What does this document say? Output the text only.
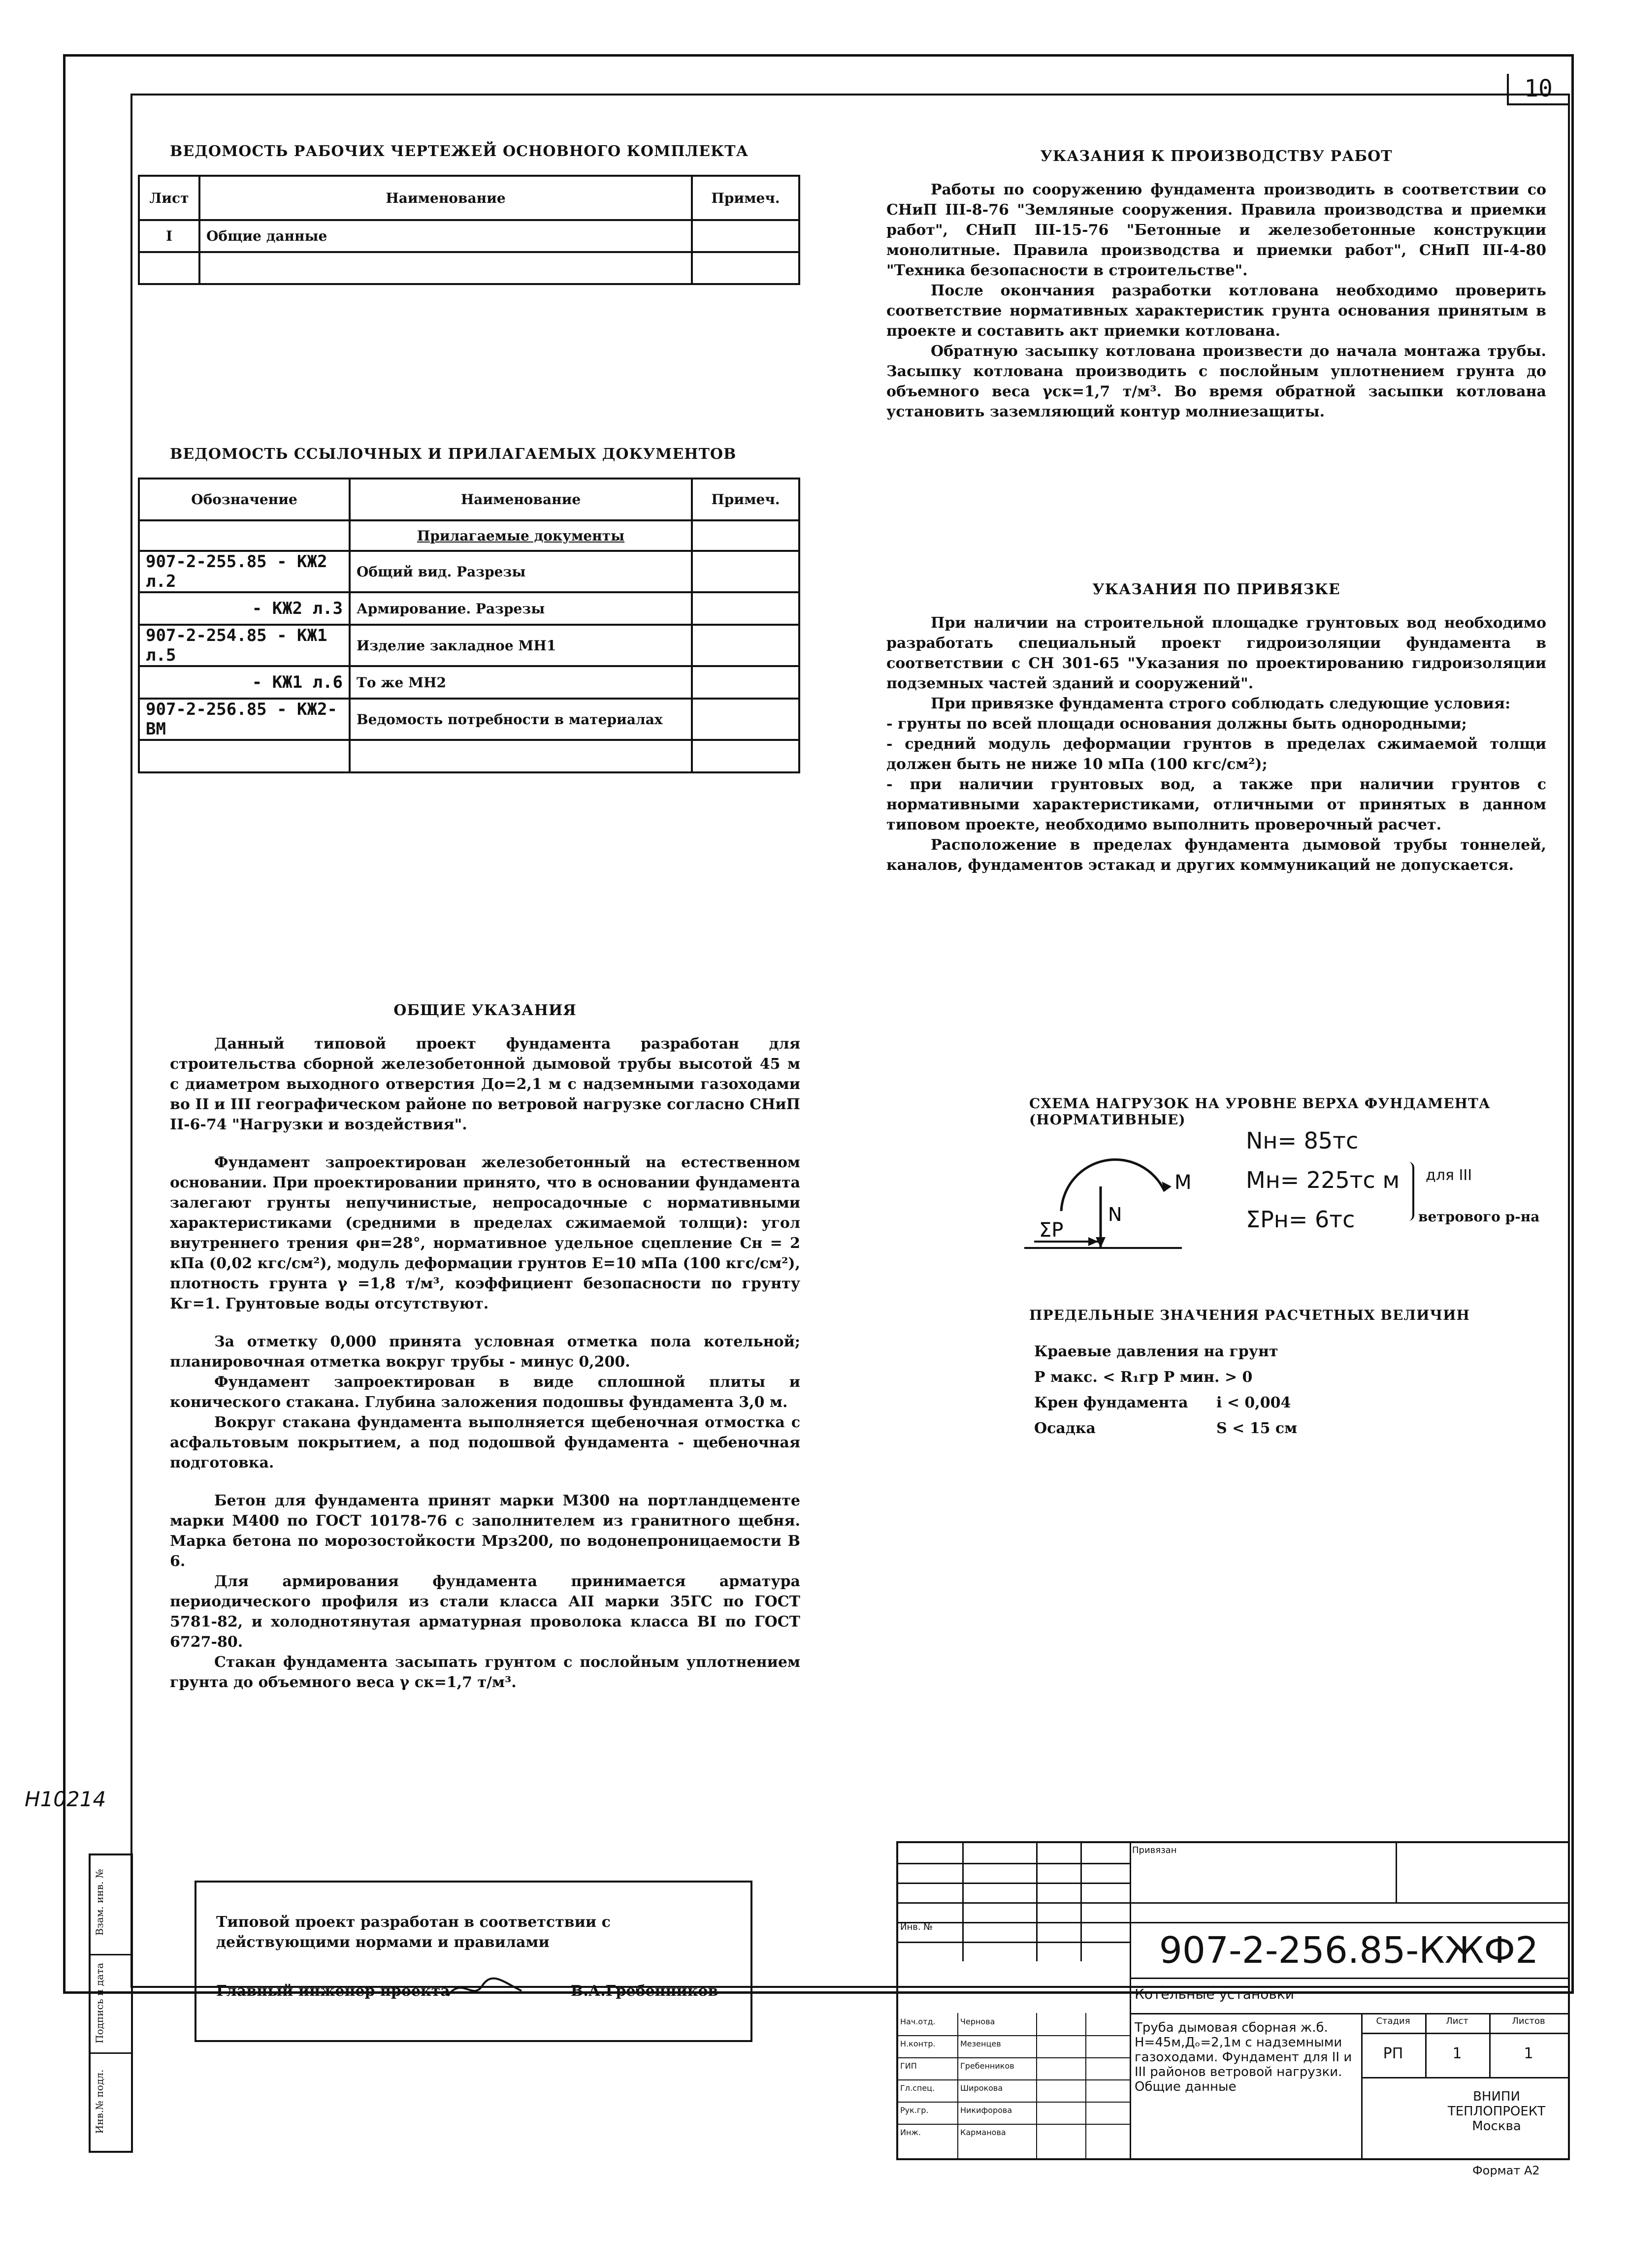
10
Н10214
Взам. инв. №
Подпись и дата
Инв.№ подл.
ВЕДОМОСТЬ РАБОЧИХ ЧЕРТЕЖЕЙ ОСНОВНОГО КОМПЛЕКТА
Лист	Наименование	Примеч.
I	Общие данные	

ВЕДОМОСТЬ ССЫЛОЧНЫХ И ПРИЛАГАЕМЫХ ДОКУМЕНТОВ
Обозначение	Наименование	Примеч.
	Прилагаемые документы	
907-2-255.85 - КЖ2 л.2	Общий вид. Разрезы	
- КЖ2 л.3	Армирование. Разрезы	
907-2-254.85 - КЖ1 л.5	Изделие закладное МН1	
- КЖ1 л.6	То же МН2	
907-2-256.85 - КЖ2-ВМ	Ведомость потребности в материалах	

УКАЗАНИЯ К ПРОИЗВОДСТВУ РАБОТ

Работы по сооружению фундамента производить в соответствии со СНиП III-8-76 "Земляные сооружения. Правила производства и приемки работ", СНиП III-15-76 "Бетонные и железобетонные конструкции монолитные. Правила производства и приемки работ", СНиП III-4-80 "Техника безопасности в строительстве".

После окончания разработки котлована необходимо проверить соответствие нормативных характеристик грунта основания принятым в проекте и составить акт приемки котлована.

Обратную засыпку котлована произвести до начала монтажа трубы. Засыпку котлована производить с послойным уплотнением грунта до объемного веса γск=1,7 т/м³. Во время обратной засыпки котлована установить заземляющий контур молниезащиты.

УКАЗАНИЯ ПО ПРИВЯЗКЕ

При наличии на строительной площадке грунтовых вод необходимо разработать специальный проект гидроизоляции фундамента в соответствии с СН 301-65 "Указания по проектированию гидроизоляции подземных частей зданий и сооружений".

При привязке фундамента строго соблюдать следующие условия:

- грунты по всей площади основания должны быть однородными;

- средний модуль деформации грунтов в пределах сжимаемой толщи должен быть не ниже 10 мПа (100 кгс/см²);

- при наличии грунтовых вод, а также при наличии грунтов с нормативными характеристиками, отличными от принятых в данном типовом проекте, необходимо выполнить проверочный расчет.

Расположение в пределах фундамента дымовой трубы тоннелей, каналов, фундаментов эстакад и других коммуникаций не допускается.

ОБЩИЕ УКАЗАНИЯ

Данный типовой проект фундамента разработан для строительства сборной железобетонной дымовой трубы высотой 45 м с диаметром выходного отверстия До=2,1 м с надземными газоходами во II и III географическом районе по ветровой нагрузке согласно СНиП II-6-74 "Нагрузки и воздействия".

Фундамент запроектирован железобетонный на естественном основании. При проектировании принято, что в основании фундамента залегают грунты непучинистые, непросадочные с нормативными характеристиками (средними в пределах сжимаемой толщи): угол внутреннего трения φн=28°, нормативное удельное сцепление Сн = 2 кПа (0,02 кгс/см²), модуль деформации грунтов Е=10 мПа (100 кгс/см²), плотность грунта γ =1,8 т/м³, коэффициент безопасности по грунту Кг=1. Грунтовые воды отсутствуют.

За отметку 0,000 принята условная отметка пола котельной; планировочная отметка вокруг трубы - минус 0,200.

Фундамент запроектирован в виде сплошной плиты и конического стакана. Глубина заложения подошвы фундамента 3,0 м.

Вокруг стакана фундамента выполняется щебеночная отмостка с асфальтовым покрытием, а под подошвой фундамента - щебеночная подготовка.

Бетон для фундамента принят марки М300 на портландцементе марки М400 по ГОСТ 10178-76 с заполнителем из гранитного щебня. Марка бетона по морозостойкости Мрз200, по водонепроницаемости В 6.

Для армирования фундамента принимается арматура периодического профиля из стали класса АII марки 35ГС по ГОСТ 5781-82, и холоднотянутая арматурная проволока класса ВI по ГОСТ 6727-80.

Стакан фундамента засыпать грунтом с послойным уплотнением грунта до объемного веса γ ск=1,7 т/м³.

СХЕМА НАГРУЗОК НА УРОВНЕ ВЕРХА ФУНДАМЕНТА (НОРМАТИВНЫЕ)
M
N
ΣP
Nн= 85тс
Mн= 225тс м
ΣPн= 6тс
для III
ветрового р-на
ПРЕДЕЛЬНЫЕ ЗНАЧЕНИЯ РАСЧЕТНЫХ ВЕЛИЧИН
Краевые давления на грунт
P макс. < R₁гр P мин. > 0
Крен фундамента i < 0,004
Осадка	S < 15 см
Типовой проект разработан в соответствии с действующими нормами и правилами
Главный инженер проекта	В.А.Гребенников
Привязан
Инв. №
907-2-256.85-КЖФ2
Котельные установки
Нач.отд.	Чернова
Н.контр.	Мезенцев
ГИП	Гребенников
Гл.спец.	Широкова
Рук.гр.	Никифорова
Инж.	Карманова
Труба дымовая сборная ж.б. Н=45м,Дₒ=2,1м с надземными газоходами. Фундамент для II и III районов ветровой нагрузки. Общие данные
Стадия	Лист	Листов
РП	1	1
ВНИПИ ТЕПЛОПРОЕКТ Москва
Формат А2
